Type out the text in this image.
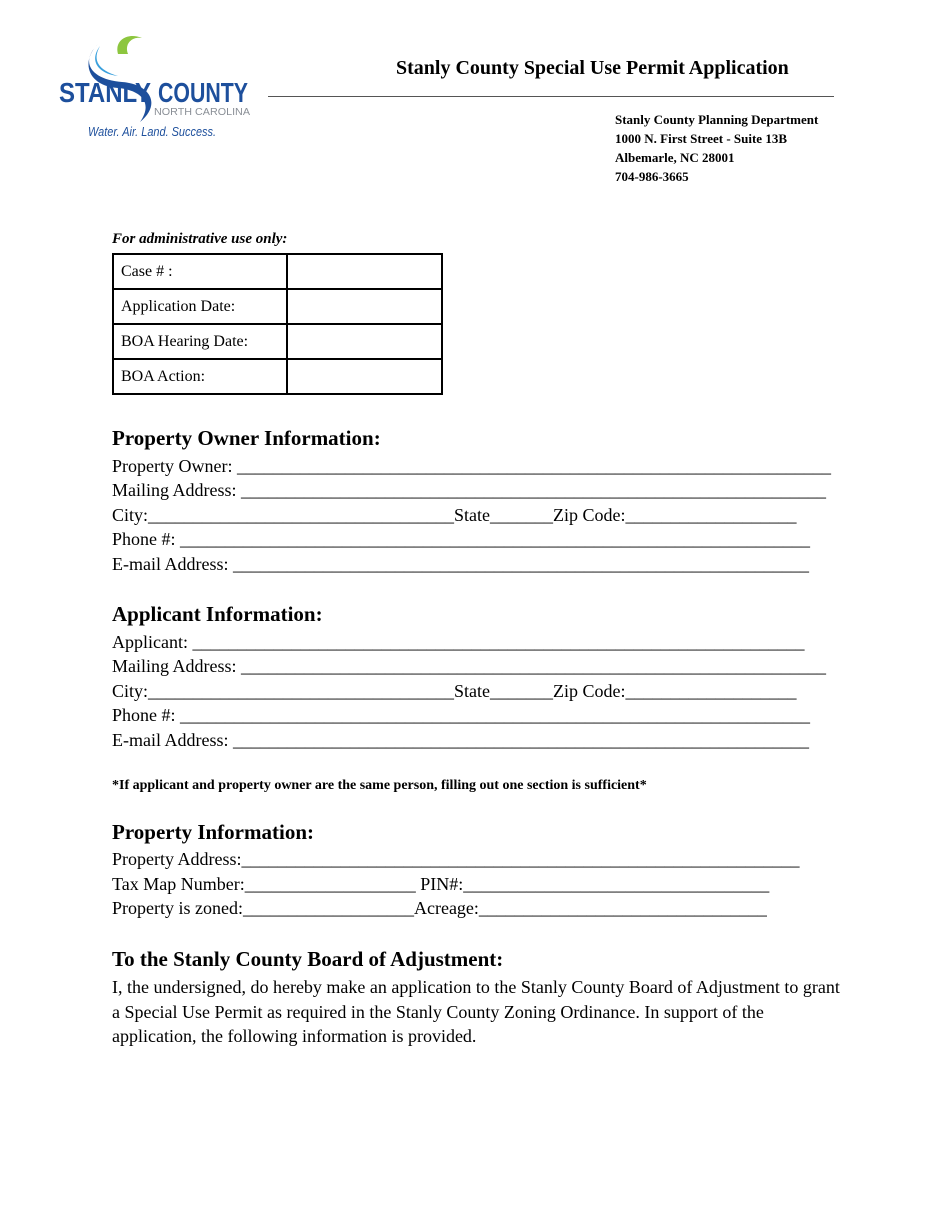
STANLY COUNTY
NORTH CAROLINA
Water. Air. Land. Success.
Stanly County Special Use Permit Application
Stanly County Planning Department
1000 N. First Street - Suite 13B
Albemarle, NC 28001
704-986-3665
For administrative use only:
Case # :	
Application Date:	
BOA Hearing Date:	
BOA Action:	
Property Owner Information:
Property Owner: __________________________________________________________________
Mailing Address: _________________________________________________________________
City:__________________________________State_______Zip Code:___________________
Phone #: ______________________________________________________________________
E-mail Address: ________________________________________________________________
Applicant Information:
Applicant: ____________________________________________________________________
Mailing Address: _________________________________________________________________
City:__________________________________State_______Zip Code:___________________
Phone #: ______________________________________________________________________
E-mail Address: ________________________________________________________________
*If applicant and property owner are the same person, filling out one section is sufficient*
Property Information:
Property Address:______________________________________________________________
Tax Map Number:___________________ PIN#:__________________________________
Property is zoned:___________________Acreage:________________________________
To the Stanly County Board of Adjustment:
I, the undersigned, do hereby make an application to the Stanly County Board of Adjustment to grant a Special Use Permit as required in the Stanly County Zoning Ordinance. In support of the application, the following information is provided.
